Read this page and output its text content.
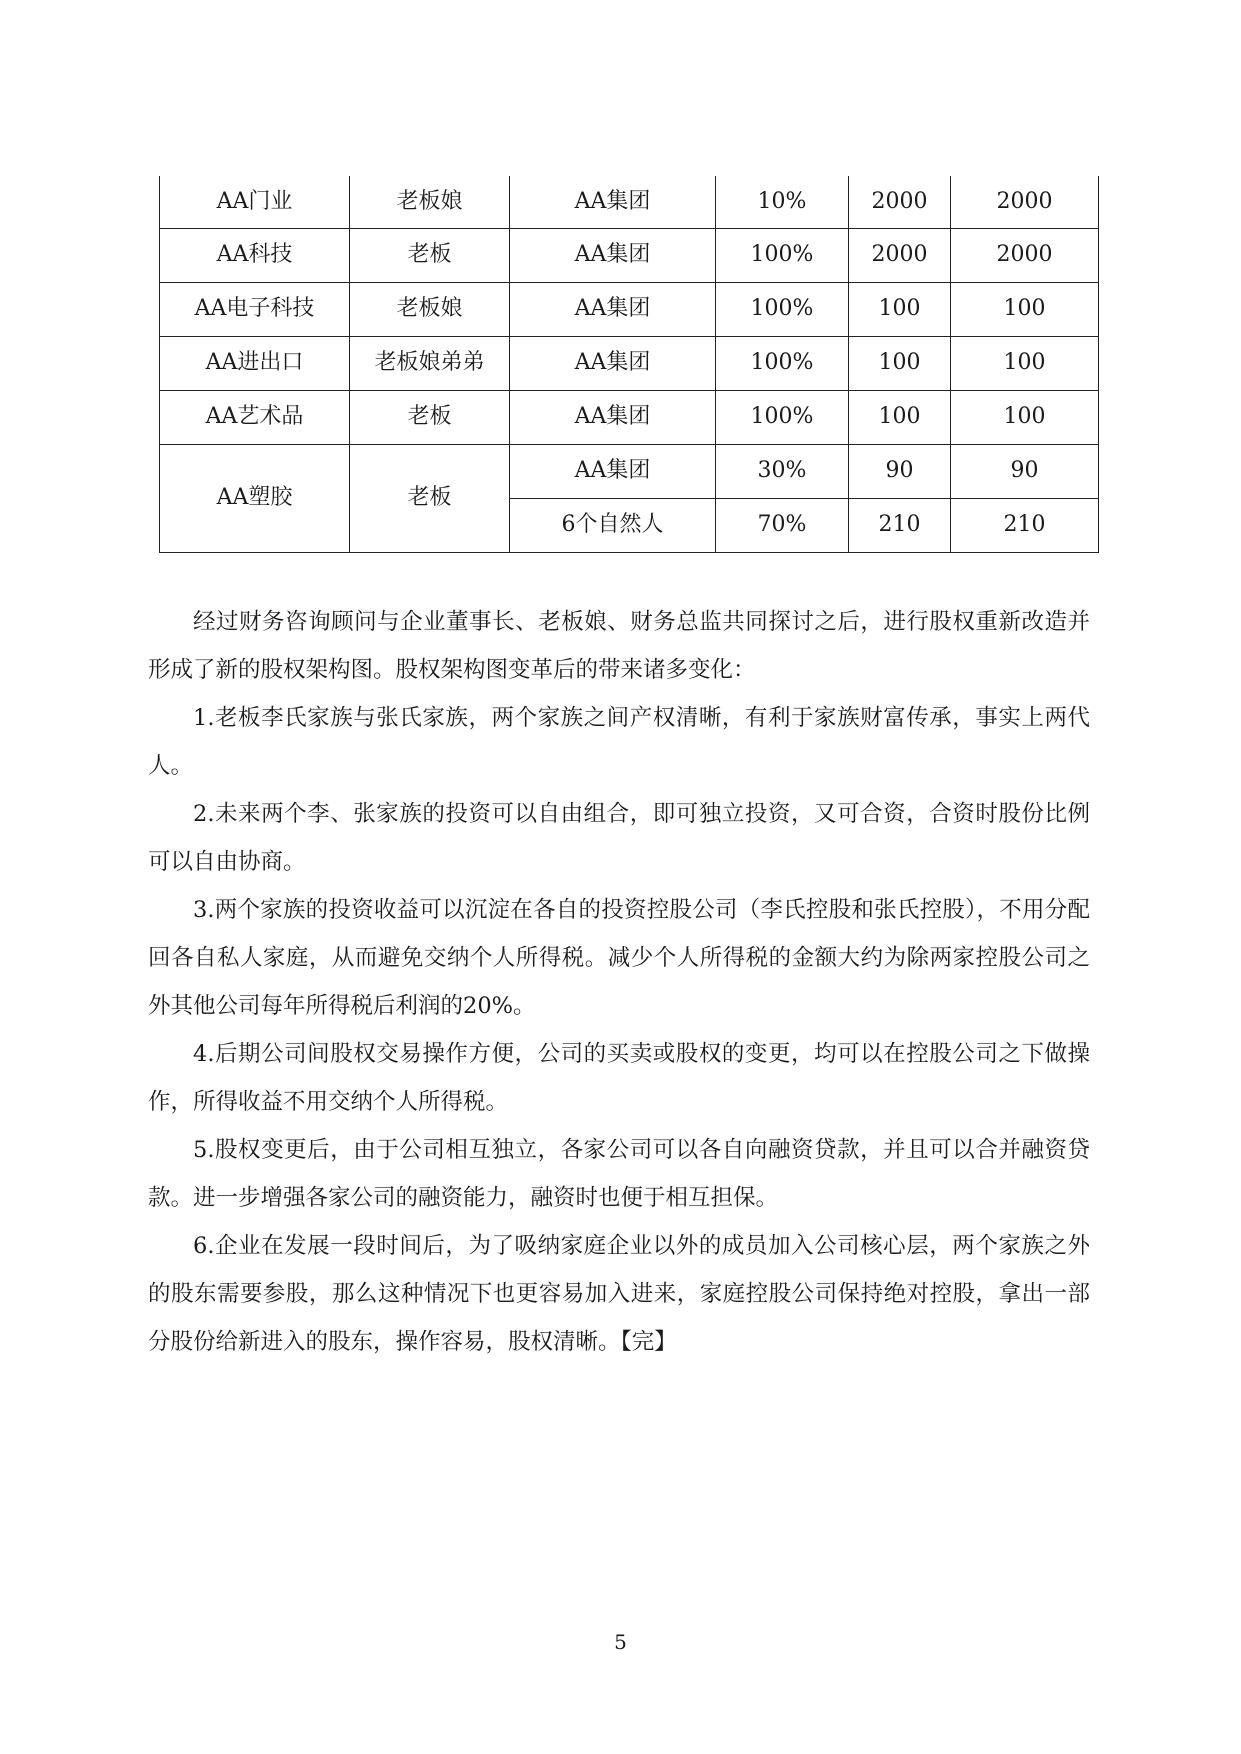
AA门业	老板娘	AA集团	10%	2000	2000
AA科技	老板	AA集团	100%	2000	2000
AA电子科技	老板娘	AA集团	100%	100	100
AA进出口	老板娘弟弟	AA集团	100%	100	100
AA艺术品	老板	AA集团	100%	100	100
AA塑胶	老板	AA集团	30%	90	90
		6个自然人	70%	210	210

经过财务咨询顾问与企业董事长、老板娘、财务总监共同探讨之后，进行股权重新改造并形成了新的股权架构图。股权架构图变革后的带来诸多变化：

1.老板李氏家族与张氏家族，两个家族之间产权清晰，有利于家族财富传承，事实上两代人。

2.未来两个李、张家族的投资可以自由组合，即可独立投资，又可合资，合资时股份比例可以自由协商。

3.两个家族的投资收益可以沉淀在各自的投资控股公司（李氏控股和张氏控股），不用分配回各自私人家庭，从而避免交纳个人所得税。减少个人所得税的金额大约为除两家控股公司之外其他公司每年所得税后利润的20%。

4.后期公司间股权交易操作方便，公司的买卖或股权的变更，均可以在控股公司之下做操作，所得收益不用交纳个人所得税。

5.股权变更后，由于公司相互独立，各家公司可以各自向融资贷款，并且可以合并融资贷款。进一步增强各家公司的融资能力，融资时也便于相互担保。

6.企业在发展一段时间后，为了吸纳家庭企业以外的成员加入公司核心层，两个家族之外的股东需要参股，那么这种情况下也更容易加入进来，家庭控股公司保持绝对控股，拿出一部分股份给新进入的股东，操作容易，股权清晰。【完】

5
